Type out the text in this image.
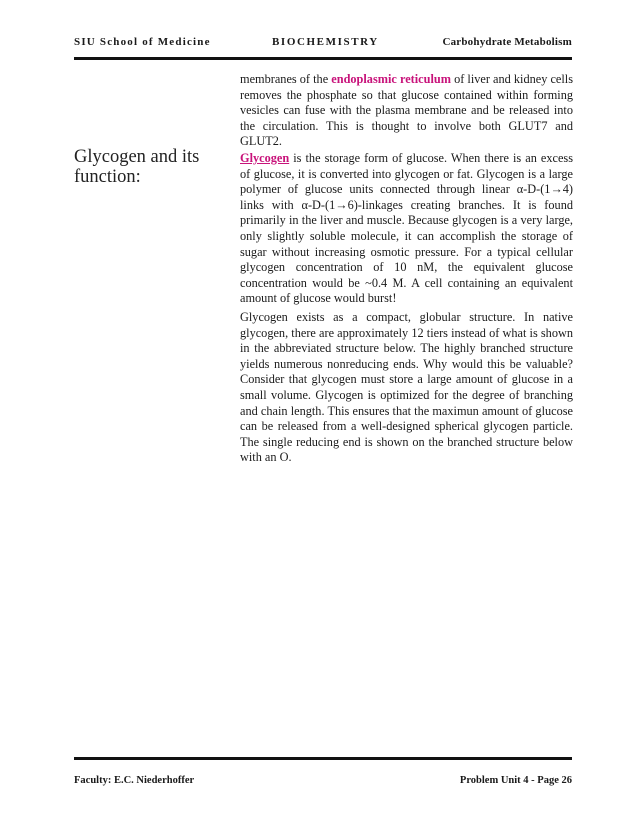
SIU School of Medicine	BIOCHEMISTRY	Carbohydrate Metabolism
Glycogen and its function:

membranes of the endoplasmic reticulum of liver and kidney cells removes the phosphate so that glucose contained within forming vesicles can fuse with the plasma membrane and be released into the circulation. This is thought to involve both GLUT7 and GLUT2.

Glycogen is the storage form of glucose. When there is an excess of glucose, it is converted into glycogen or fat. Glycogen is a large polymer of glucose units connected through linear α-D-(1→4) links with α-D-(1→6)-linkages creating branches. It is found primarily in the liver and muscle. Because glycogen is a very large, only slightly soluble molecule, it can accomplish the storage of sugar without increasing osmotic pressure. For a typical cellular glycogen concentration of 10 nM, the equivalent glucose concentration would be ~0.4 M. A cell containing an equivalent amount of glucose would burst!

Glycogen exists as a compact, globular structure. In native glycogen, there are approximately 12 tiers instead of what is shown in the abbreviated structure below. The highly branched structure yields numerous nonreducing ends. Why would this be valuable? Consider that glycogen must store a large amount of glucose in a small volume. Glycogen is optimized for the degree of branching and chain length. This ensures that the maximun amount of glucose can be released from a well-designed spherical glycogen particle. The single reducing end is shown on the branched structure below with an O.

Faculty: E.C. Niederhoffer	Problem Unit 4 - Page 26
